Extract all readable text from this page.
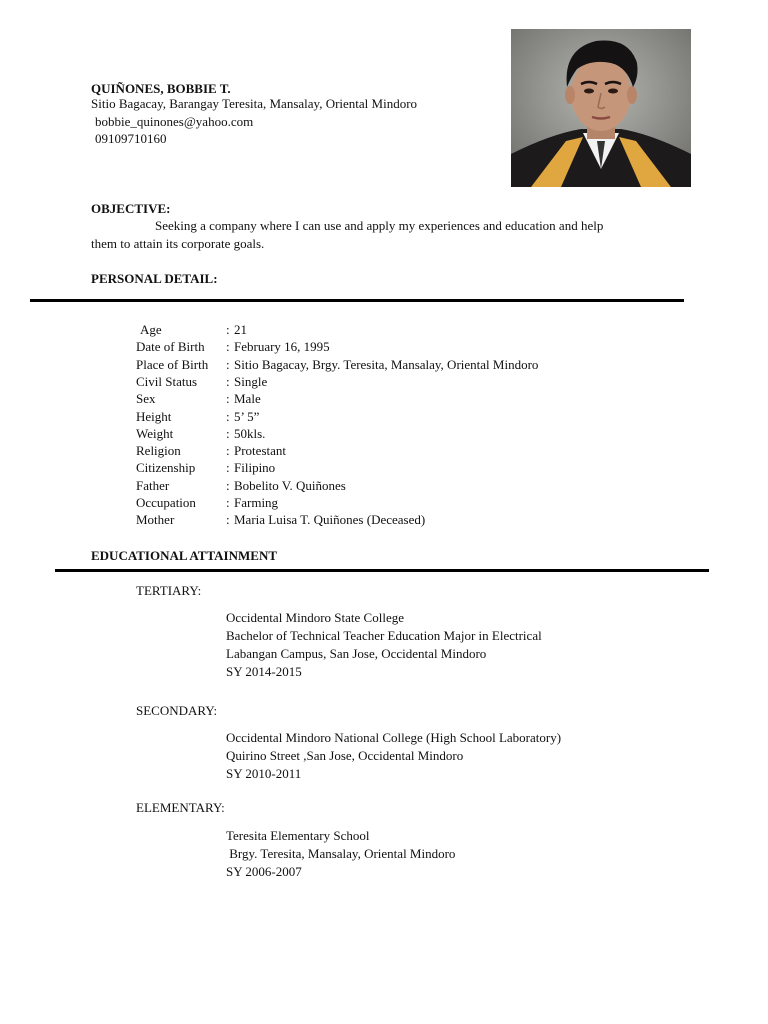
QUIÑONES, BOBBIE T.
Sitio Bagacay, Barangay Teresita, Mansalay, Oriental Mindoro
bobbie_quinones@yahoo.com
09109710160
OBJECTIVE:
Seeking a company where I can use and apply my experiences and education and help
them to attain its corporate goals.
PERSONAL DETAIL:
Age	: 21
Date of Birth : February 16, 1995
Place of Birth : Sitio Bagacay, Brgy. Teresita, Mansalay, Oriental Mindoro
Civil Status : Single
Sex	: Male
Height	: 5’ 5”
Weight	: 50kls.
Religion	: Protestant
Citizenship : Filipino
Father	: Bobelito V. Quiñones
Occupation : Farming
Mother	: Maria Luisa T. Quiñones (Deceased)
EDUCATIONAL ATTAINMENT
TERTIARY:
Occidental Mindoro State College
Bachelor of Technical Teacher Education Major in Electrical
Labangan Campus, San Jose, Occidental Mindoro
SY 2014-2015
SECONDARY:
Occidental Mindoro National College (High School Laboratory)
Quirino Street ,San Jose, Occidental Mindoro
SY 2010-2011
ELEMENTARY:
Teresita Elementary School
Brgy. Teresita, Mansalay, Oriental Mindoro
SY 2006-2007
